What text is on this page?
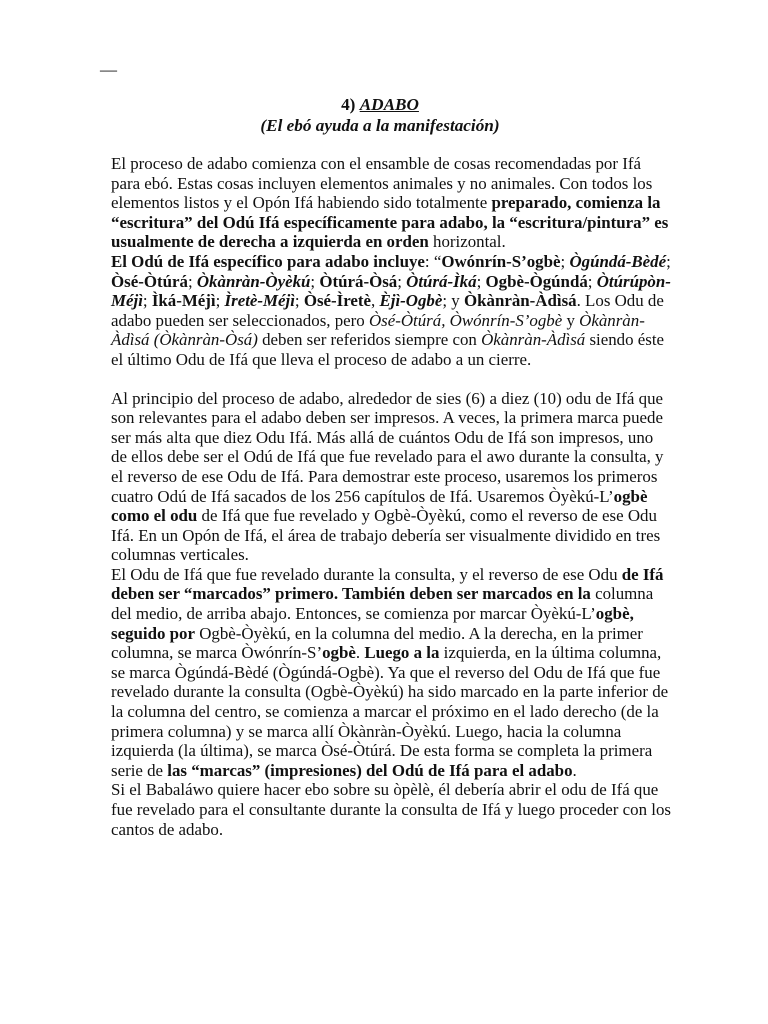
—
4) ADABO
(El ebó ayuda a la manifestación)

El proceso de adabo comienza con el ensamble de cosas recomendadas por Ifá para ebó. Estas cosas incluyen elementos animales y no animales. Con todos los elementos listos y el Opón Ifá habiendo sido totalmente preparado, comienza la “escritura” del Odú Ifá específicamente para adabo, la “escritura/pintura” es usualmente de derecha a izquierda en orden horizontal.

El Odú de Ifá específico para adabo incluye: “Owónrín-S’ogbè; Ògúndá-Bèdé; Òsé-Òtúrá; Òkànràn-Òyèkú; Òtúrá-Òsá; Òtúrá-Ìká; Ogbè-Ògúndá; Òtúrúpòn-Méjì; Ìká-Méjì; Ìretè-Méjì; Òsé-Ìretè, Èjì-Ogbè; y Òkànràn-Àdìsá. Los Odu de adabo pueden ser seleccionados, pero Òsé-Òtúrá, Òwónrín-S’ogbè y Òkànràn-Àdìsá (Òkànràn-Òsá) deben ser referidos siempre con Òkànràn-Àdìsá siendo éste el último Odu de Ifá que lleva el proceso de adabo a un cierre.

Al principio del proceso de adabo, alrededor de sies (6) a diez (10) odu de Ifá que son relevantes para el adabo deben ser impresos. A veces, la primera marca puede ser más alta que diez Odu Ifá. Más allá de cuántos Odu de Ifá son impresos, uno de ellos debe ser el Odú de Ifá que fue revelado para el awo durante la consulta, y el reverso de ese Odu de Ifá. Para demostrar este proceso, usaremos los primeros cuatro Odú de Ifá sacados de los 256 capítulos de Ifá. Usaremos Òyèkú-L’ogbè como el odu de Ifá que fue revelado y Ogbè-Òyèkú, como el reverso de ese Odu Ifá. En un Opón de Ifá, el área de trabajo debería ser visualmente dividido en tres columnas verticales.

El Odu de Ifá que fue revelado durante la consulta, y el reverso de ese Odu de Ifá deben ser “marcados” primero. También deben ser marcados en la columna del medio, de arriba abajo. Entonces, se comienza por marcar Òyèkú-L’ogbè, seguido por Ogbè-Òyèkú, en la columna del medio. A la derecha, en la primer columna, se marca Òwónrín-S’ogbè. Luego a la izquierda, en la última columna, se marca Ògúndá-Bèdé (Ògúndá-Ogbè). Ya que el reverso del Odu de Ifá que fue revelado durante la consulta (Ogbè-Òyèkú) ha sido marcado en la parte inferior de la columna del centro, se comienza a marcar el próximo en el lado derecho (de la primera columna) y se marca allí Òkànràn-Òyèkú. Luego, hacia la columna izquierda (la última), se marca Òsé-Òtúrá. De esta forma se completa la primera serie de las “marcas” (impresiones) del Odú de Ifá para el adabo.

Si el Babaláwo quiere hacer ebo sobre su òpèlè, él debería abrir el odu de Ifá que fue revelado para el consultante durante la consulta de Ifá y luego proceder con los cantos de adabo.
